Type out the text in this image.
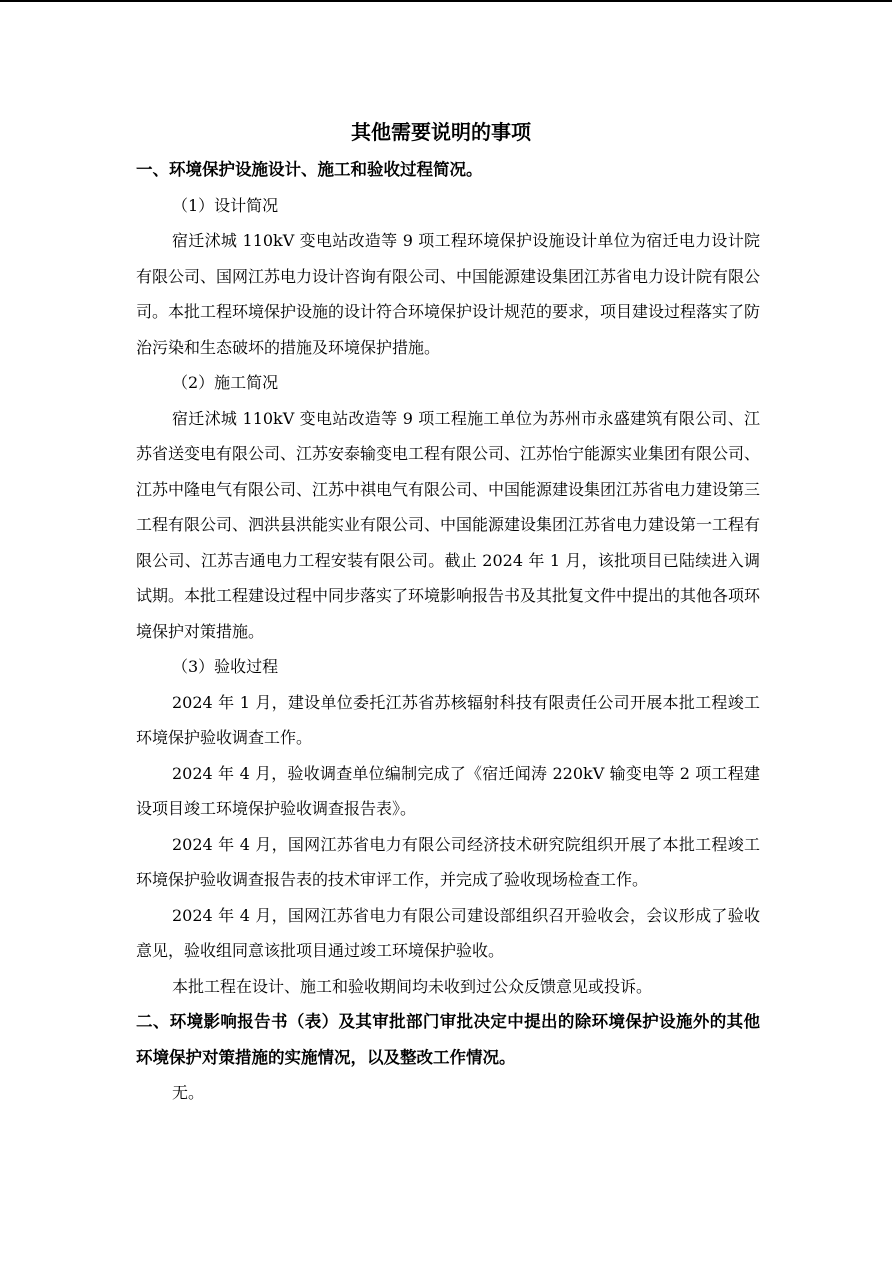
其他需要说明的事项

一、环境保护设施设计、施工和验收过程简况。

（1）设计简况

宿迁沭城 110kV 变电站改造等 9 项工程环境保护设施设计单位为宿迁电力设计院有限公司、国网江苏电力设计咨询有限公司、中国能源建设集团江苏省电力设计院有限公司。本批工程环境保护设施的设计符合环境保护设计规范的要求，项目建设过程落实了防治污染和生态破坏的措施及环境保护措施。

（2）施工简况

宿迁沭城 110kV 变电站改造等 9 项工程施工单位为苏州市永盛建筑有限公司、江苏省送变电有限公司、江苏安泰输变电工程有限公司、江苏怡宁能源实业集团有限公司、江苏中隆电气有限公司、江苏中祺电气有限公司、中国能源建设集团江苏省电力建设第三工程有限公司、泗洪县洪能实业有限公司、中国能源建设集团江苏省电力建设第一工程有限公司、江苏吉通电力工程安装有限公司。截止 2024 年 1 月，该批项目已陆续进入调试期。本批工程建设过程中同步落实了环境影响报告书及其批复文件中提出的其他各项环境保护对策措施。

（3）验收过程

2024 年 1 月，建设单位委托江苏省苏核辐射科技有限责任公司开展本批工程竣工环境保护验收调查工作。

2024 年 4 月，验收调查单位编制完成了《宿迁闻涛 220kV 输变电等 2 项工程建设项目竣工环境保护验收调查报告表》。

2024 年 4 月，国网江苏省电力有限公司经济技术研究院组织开展了本批工程竣工环境保护验收调查报告表的技术审评工作，并完成了验收现场检查工作。

2024 年 4 月，国网江苏省电力有限公司建设部组织召开验收会，会议形成了验收意见，验收组同意该批项目通过竣工环境保护验收。

本批工程在设计、施工和验收期间均未收到过公众反馈意见或投诉。

二、环境影响报告书（表）及其审批部门审批决定中提出的除环境保护设施外的其他环境保护对策措施的实施情况，以及整改工作情况。

无。
